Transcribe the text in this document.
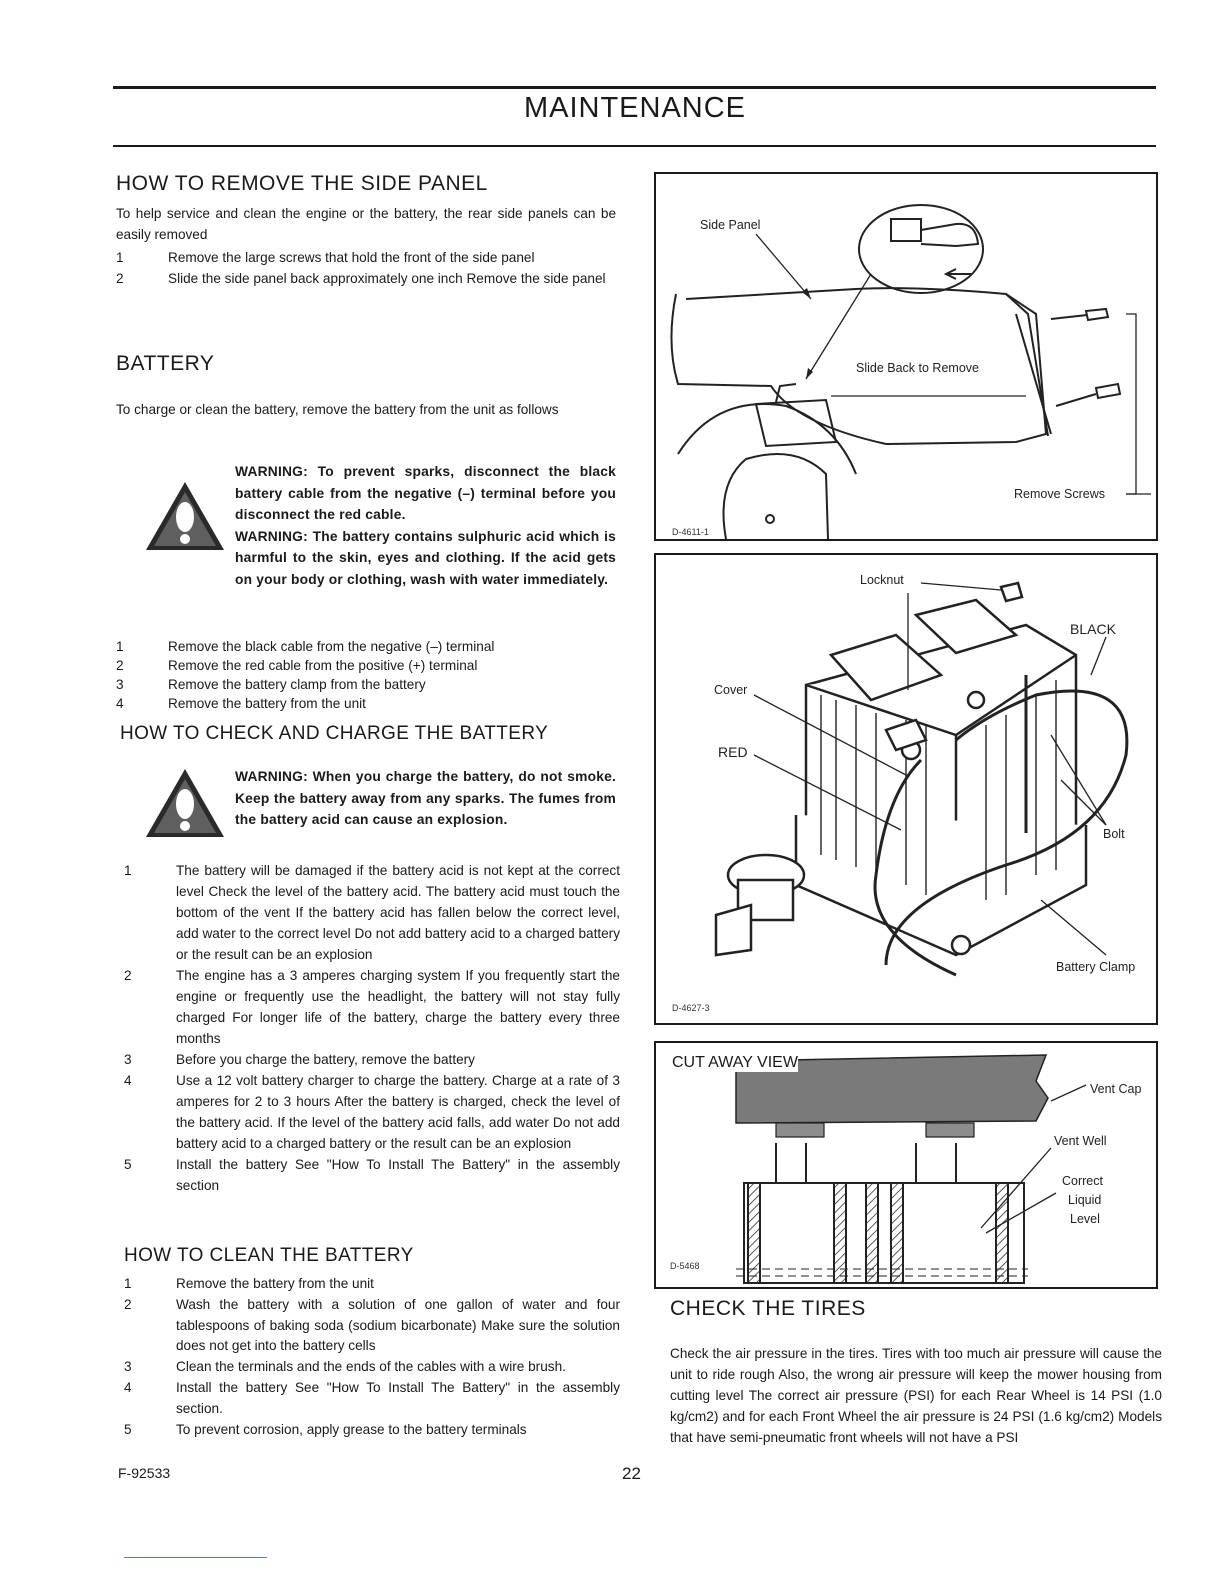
MAINTENANCE
HOW TO REMOVE THE SIDE PANEL

To help service and clean the engine or the battery, the rear side panels can be easily removed

1	Remove the large screws that hold the front of the side panel
2	Slide the side panel back approximately one inch Remove the side panel
BATTERY

To charge or clean the battery, remove the battery from the unit as follows

WARNING: To prevent sparks, disconnect the black battery cable from the negative (–) terminal before you disconnect the red cable.

WARNING: The battery contains sulphuric acid which is harmful to the skin, eyes and clothing. If the acid gets on your body or clothing, wash with water immediately.

1	Remove the black cable from the negative (–) terminal
2	Remove the red cable from the positive (+) terminal
3	Remove the battery clamp from the battery
4	Remove the battery from the unit
HOW TO CHECK AND CHARGE THE BATTERY

WARNING: When you charge the battery, do not smoke. Keep the battery away from any sparks. The fumes from the battery acid can cause an explosion.

1	The battery will be damaged if the battery acid is not kept at the correct level Check the level of the battery acid. The battery acid must touch the bottom of the vent If the battery acid has fallen below the correct level, add water to the correct level Do not add battery acid to a charged battery or the result can be an explosion
2	The engine has a 3 amperes charging system If you frequently start the engine or frequently use the headlight, the battery will not stay fully charged For longer life of the battery, charge the battery every three months
3	Before you charge the battery, remove the battery
4	Use a 12 volt battery charger to charge the battery. Charge at a rate of 3 amperes for 2 to 3 hours After the battery is charged, check the level of the battery acid. If the level of the battery acid falls, add water Do not add battery acid to a charged battery or the result can be an explosion
5	Install the battery See "How To Install The Battery" in the assembly section
HOW TO CLEAN THE BATTERY
1	Remove the battery from the unit
2	Wash the battery with a solution of one gallon of water and four tablespoons of baking soda (sodium bicarbonate) Make sure the solution does not get into the battery cells
3	Clean the terminals and the ends of the cables with a wire brush.
4	Install the battery See "How To Install The Battery" in the assembly section.
5	To prevent corrosion, apply grease to the battery terminals
F-92533	22
Side Panel
Slide Back to Remove
Remove Screws
D-4611-1
Locknut
BLACK
Cover
RED
Bolt
Battery Clamp
D-4627-3
CUT AWAY VIEW
Vent Cap
Vent Well
Correct
Liquid
Level
D-5468
CHECK THE TIRES

Check the air pressure in the tires. Tires with too much air pressure will cause the unit to ride rough Also, the wrong air pressure will keep the mower housing from cutting level The correct air pressure (PSI) for each Rear Wheel is 14 PSI (1.0 kg/cm2) and for each Front Wheel the air pressure is 24 PSI (1.6 kg/cm2) Models that have semi-pneumatic front wheels will not have a PSI
